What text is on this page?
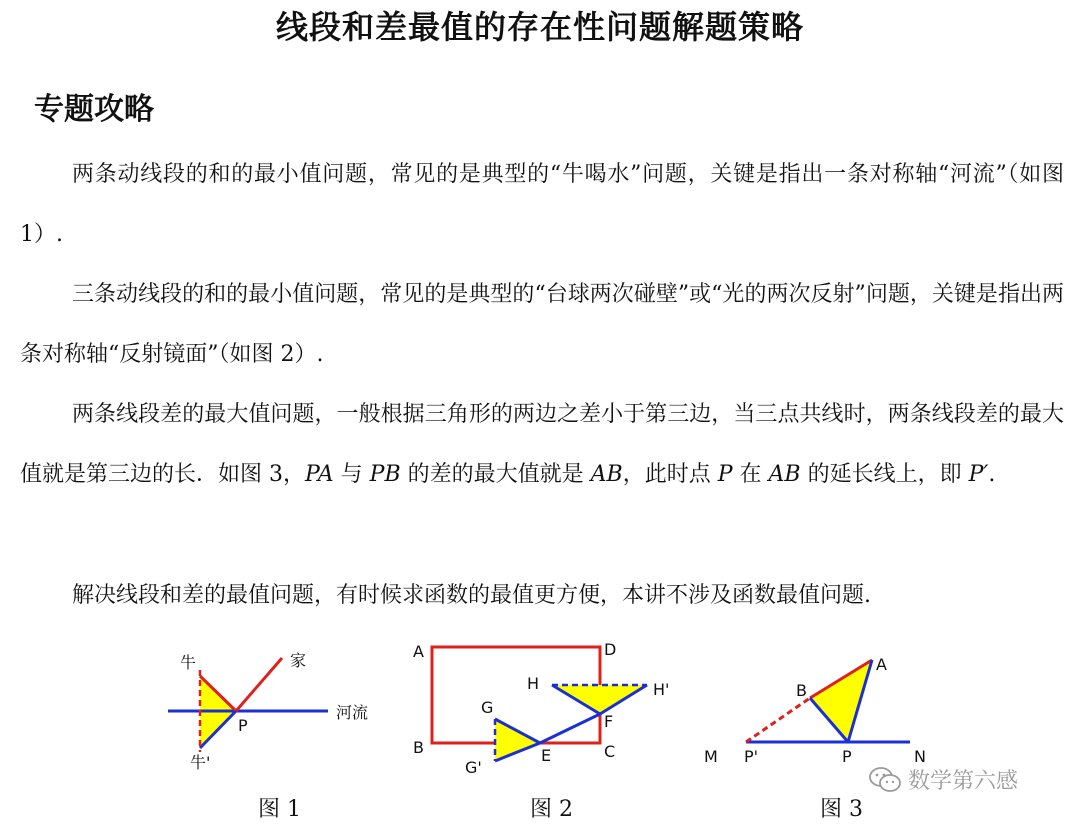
线段和差最值的存在性问题解题策略
专题攻略
两条动线段的和的最小值问题，常见的是典型的“牛喝水”问题，关键是指出一条对称轴“河流”（如图 1）.
三条动线段的和的最小值问题，常见的是典型的“台球两次碰壁”或“光的两次反射”问题，关键是指出两条对称轴“反射镜面”（如图 2）.
两条线段差的最大值问题，一般根据三角形的两边之差小于第三边，当三点共线时，两条线段差的最大值就是第三边的长．如图 3，PA 与 PB 的差的最大值就是 AB，此时点 P 在 AB 的延长线上，即 P′.
解决线段和差的最值问题，有时候求函数的最值更方便，本讲不涉及函数最值问题.
牛	家
河流
P
牛'
图 1
A	D
H	H'
G
F
B	E	C
G'
图 2
A
B
M P'	P	N
图 3
数学第六感
